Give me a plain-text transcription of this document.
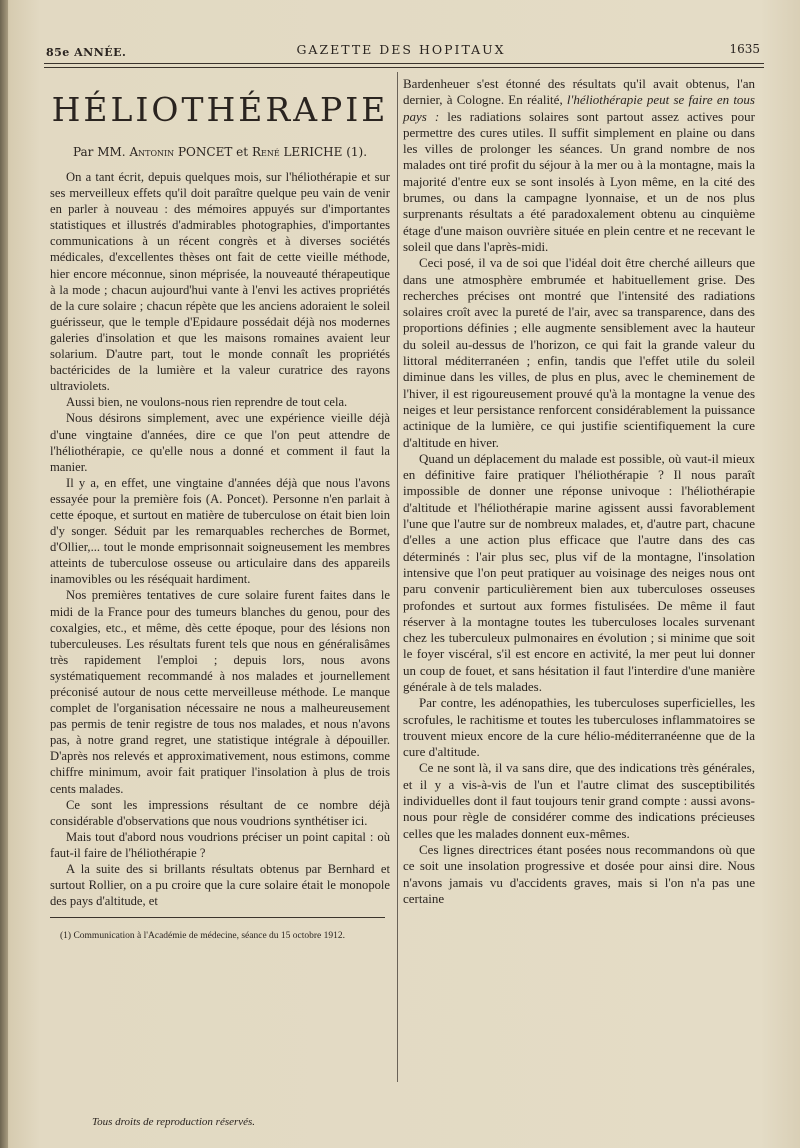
85e ANNÉE.	GAZETTE DES HOPITAUX	1635
HÉLIOTHÉRAPIE
Par MM. Antonin PONCET et René LERICHE (1).

On a tant écrit, depuis quelques mois, sur l'héliothérapie et sur ses merveilleux effets qu'il doit paraître quelque peu vain de venir en parler à nouveau : des mémoires appuyés sur d'importantes statistiques et illustrés d'admirables photographies, d'importantes communications à un récent congrès et à diverses sociétés médicales, d'excellentes thèses ont fait de cette vieille méthode, hier encore méconnue, sinon méprisée, la nouveauté thérapeutique à la mode ; chacun aujourd'hui vante à l'envi les actives propriétés de la cure solaire ; chacun répète que les anciens adoraient le soleil guérisseur, que le temple d'Epidaure possédait déjà nos modernes galeries d'insolation et que les maisons romaines avaient leur solarium. D'autre part, tout le monde connaît les propriétés bactéricides de la lumière et la valeur curatrice des rayons ultraviolets.

Aussi bien, ne voulons-nous rien reprendre de tout cela.

Nous désirons simplement, avec une expérience vieille déjà d'une vingtaine d'années, dire ce que l'on peut attendre de l'héliothérapie, ce qu'elle nous a donné et comment il faut la manier.

Il y a, en effet, une vingtaine d'années déjà que nous l'avons essayée pour la première fois (A. Poncet). Personne n'en parlait à cette époque, et surtout en matière de tuberculose on était bien loin d'y songer. Séduit par les remarquables recherches de Bormet, d'Ollier,... tout le monde emprisonnait soigneusement les membres atteints de tuberculose osseuse ou articulaire dans des appareils inamovibles ou les réséquait hardiment.

Nos premières tentatives de cure solaire furent faites dans le midi de la France pour des tumeurs blanches du genou, pour des coxalgies, etc., et même, dès cette époque, pour des lésions non tuberculeuses. Les résultats furent tels que nous en généralisâmes très rapidement l'emploi ; depuis lors, nous avons systématiquement recommandé à nos malades et journellement préconisé autour de nous cette merveilleuse méthode. Le manque complet de l'organisation nécessaire ne nous a malheureusement pas permis de tenir registre de tous nos malades, et nous n'avons pas, à notre grand regret, une statistique intégrale à dépouiller. D'après nos relevés et approximativement, nous estimons, comme chiffre minimum, avoir fait pratiquer l'insolation à plus de trois cents malades.

Ce sont les impressions résultant de ce nombre déjà considérable d'observations que nous voudrions synthétiser ici.

Mais tout d'abord nous voudrions préciser un point capital : où faut-il faire de l'héliothérapie ?

A la suite des si brillants résultats obtenus par Bernhard et surtout Rollier, on a pu croire que la cure solaire était le monopole des pays d'altitude, et

(1) Communication à l'Académie de médecine, séance du 15 octobre 1912.

Bardenheuer s'est étonné des résultats qu'il avait obtenus, l'an dernier, à Cologne. En réalité, l'héliothérapie peut se faire en tous pays : les radiations solaires sont partout assez actives pour permettre des cures utiles. Il suffit simplement en plaine ou dans les villes de prolonger les séances. Un grand nombre de nos malades ont tiré profit du séjour à la mer ou à la montagne, mais la majorité d'entre eux se sont insolés à Lyon même, en la cité des brumes, ou dans la campagne lyonnaise, et un de nos plus surprenants résultats a été paradoxalement obtenu au cinquième étage d'une maison ouvrière située en plein centre et ne recevant le soleil que dans l'après-midi.

Ceci posé, il va de soi que l'idéal doit être cherché ailleurs que dans une atmosphère embrumée et habituellement grise. Des recherches précises ont montré que l'intensité des radiations solaires croît avec la pureté de l'air, avec sa transparence, dans des proportions définies ; elle augmente sensiblement avec la hauteur du soleil au-dessus de l'horizon, ce qui fait la grande valeur du littoral méditerranéen ; enfin, tandis que l'effet utile du soleil diminue dans les villes, de plus en plus, avec le cheminement de l'hiver, il est rigoureusement prouvé qu'à la montagne la venue des neiges et leur persistance renforcent considérablement la puissance actinique de la lumière, ce qui justifie scientifiquement la cure d'altitude en hiver.

Quand un déplacement du malade est possible, où vaut-il mieux en définitive faire pratiquer l'héliothérapie ? Il nous paraît impossible de donner une réponse univoque : l'héliothérapie d'altitude et l'héliothérapie marine agissent aussi favorablement l'une que l'autre sur de nombreux malades, et, d'autre part, chacune d'elles a une action plus efficace que l'autre dans des cas déterminés : l'air plus sec, plus vif de la montagne, l'insolation intensive que l'on peut pratiquer au voisinage des neiges nous ont paru convenir particulièrement bien aux tuberculoses osseuses profondes et surtout aux formes fistulisées. De même il faut réserver à la montagne toutes les tuberculoses locales survenant chez les tuberculeux pulmonaires en évolution ; si minime que soit le foyer viscéral, s'il est encore en activité, la mer peut lui donner un coup de fouet, et sans hésitation il faut l'interdire d'une manière générale à de tels malades.

Par contre, les adénopathies, les tuberculoses superficielles, les scrofules, le rachitisme et toutes les tuberculoses inflammatoires se trouvent mieux encore de la cure hélio-méditerranéenne que de la cure d'altitude.

Ce ne sont là, il va sans dire, que des indications très générales, et il y a vis-à-vis de l'un et l'autre climat des susceptibilités individuelles dont il faut toujours tenir grand compte : aussi avons-nous pour règle de considérer comme des indications précieuses celles que les malades donnent eux-mêmes.

Ces lignes directrices étant posées nous recommandons où que ce soit une insolation progressive et dosée pour ainsi dire. Nous n'avons jamais vu d'accidents graves, mais si l'on n'a pas une certaine

Tous droits de reproduction réservés.
